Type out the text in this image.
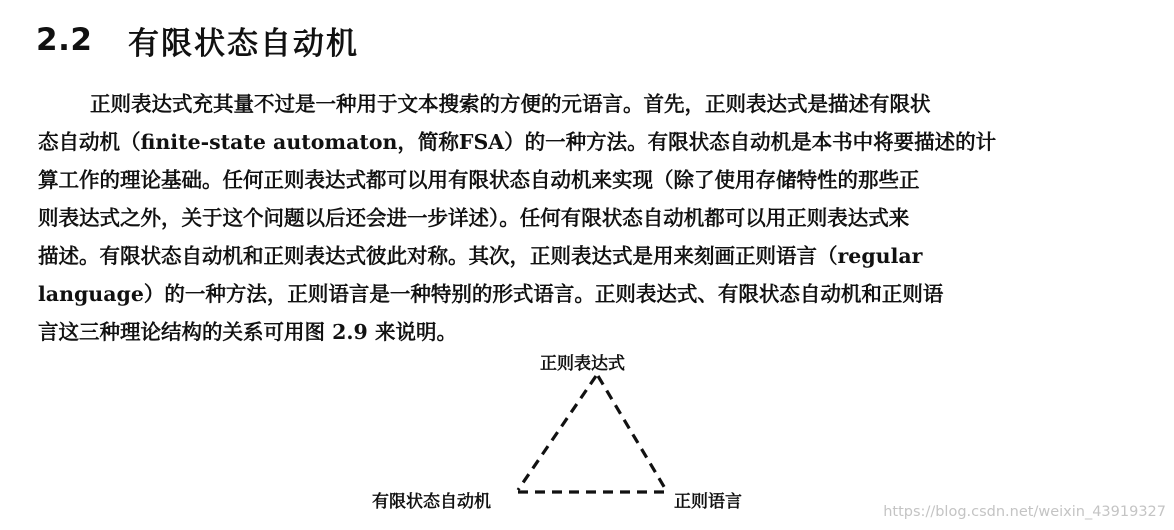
2.2	有限状态自动机
正则表达式充其量不过是一种用于文本搜索的方便的元语言。首先，正则表达式是描述有限状
态自动机（finite-state automaton，简称FSA）的一种方法。有限状态自动机是本书中将要描述的计
算工作的理论基础。任何正则表达式都可以用有限状态自动机来实现（除了使用存储特性的那些正
则表达式之外，关于这个问题以后还会进一步详述）。任何有限状态自动机都可以用正则表达式来
描述。有限状态自动机和正则表达式彼此对称。其次，正则表达式是用来刻画正则语言（regular
language）的一种方法，正则语言是一种特别的形式语言。正则表达式、有限状态自动机和正则语
言这三种理论结构的关系可用图 2.9 来说明。
正则表达式
有限状态自动机	正则语言	https://blog.csdn.net/weixin_43919327
